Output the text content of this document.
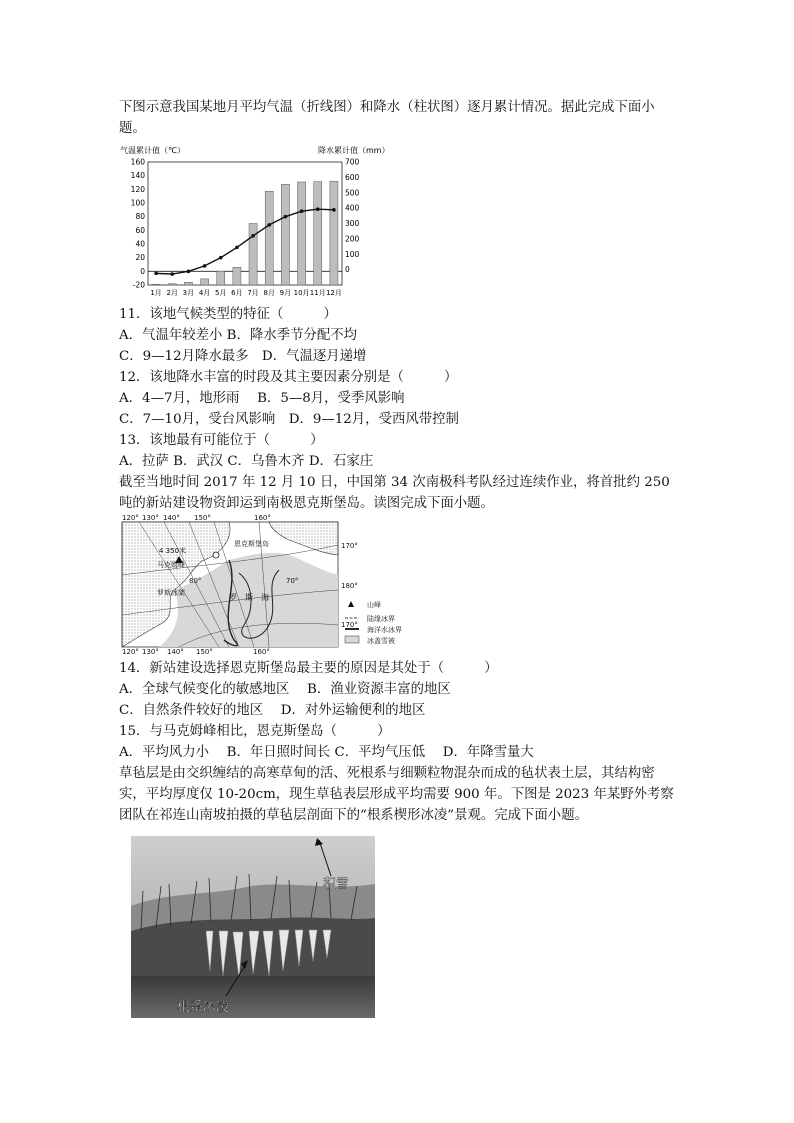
下图示意我国某地月平均气温（折线图）和降水（柱状图）逐月累计情况。据此完成下面小题。
气温累计值（℃）	降水累计值（mm）
160
140
120
100
80
60
40
20
0
-20
700
600
500
400
300
200
100
0
1月 2月 3月 4月 5月 6月 7月 8月 9月 10月 11月 12月
11．该地气候类型的特征（　　　）
A．气温年较差小 B．降水季节分配不均
C．9—12月降水最多　D．气温逐月递增
12．该地降水丰富的时段及其主要因素分别是（　　　）
A．4—7月，地形雨　 B．5—8月，受季风影响
C．7—10月，受台风影响　D．9—12月，受西风带控制
13．该地最有可能位于（　　　）
A．拉萨 B．武汉 C．乌鲁木齐 D．石家庄
截至当地时间 2017 年 12 月 10 日，中国第 34 次南极科考队经过连续作业，将首批约 250 吨的新站建设物资卸运到南极恩克斯堡岛。读图完成下面小题。
120° 130° 140° 150°	160°
120° 130° 140° 150°	160°
170°
180°
170°
恩克斯堡岛
4 350米
马克姆峰
80°	70°
罗斯冰架	罗　斯　海
山峰
陆缘冰界
海洋水冰界
冰盖雪被
14．新站建设选择恩克斯堡岛最主要的原因是其处于（　　　）
A．全球气候变化的敏感地区　 B．渔业资源丰富的地区
C．自然条件较好的地区　 D．对外运输便利的地区
15．与马克姆峰相比，恩克斯堡岛（　　　）
A．平均风力小　 B．年日照时间长 C．平均气压低　 D．年降雪量大
草毡层是由交织缠结的高寒草甸的活、死根系与细颗粒物混杂而成的毡状表土层，其结构密实，平均厚度仅 10-20cm，现生草毡表层形成平均需要 900 年。下图是 2023 年某野外考察团队在祁连山南坡拍摄的草毡层剖面下的“根系楔形冰凌”景观。完成下面小题。
积雪
根系冰凌
